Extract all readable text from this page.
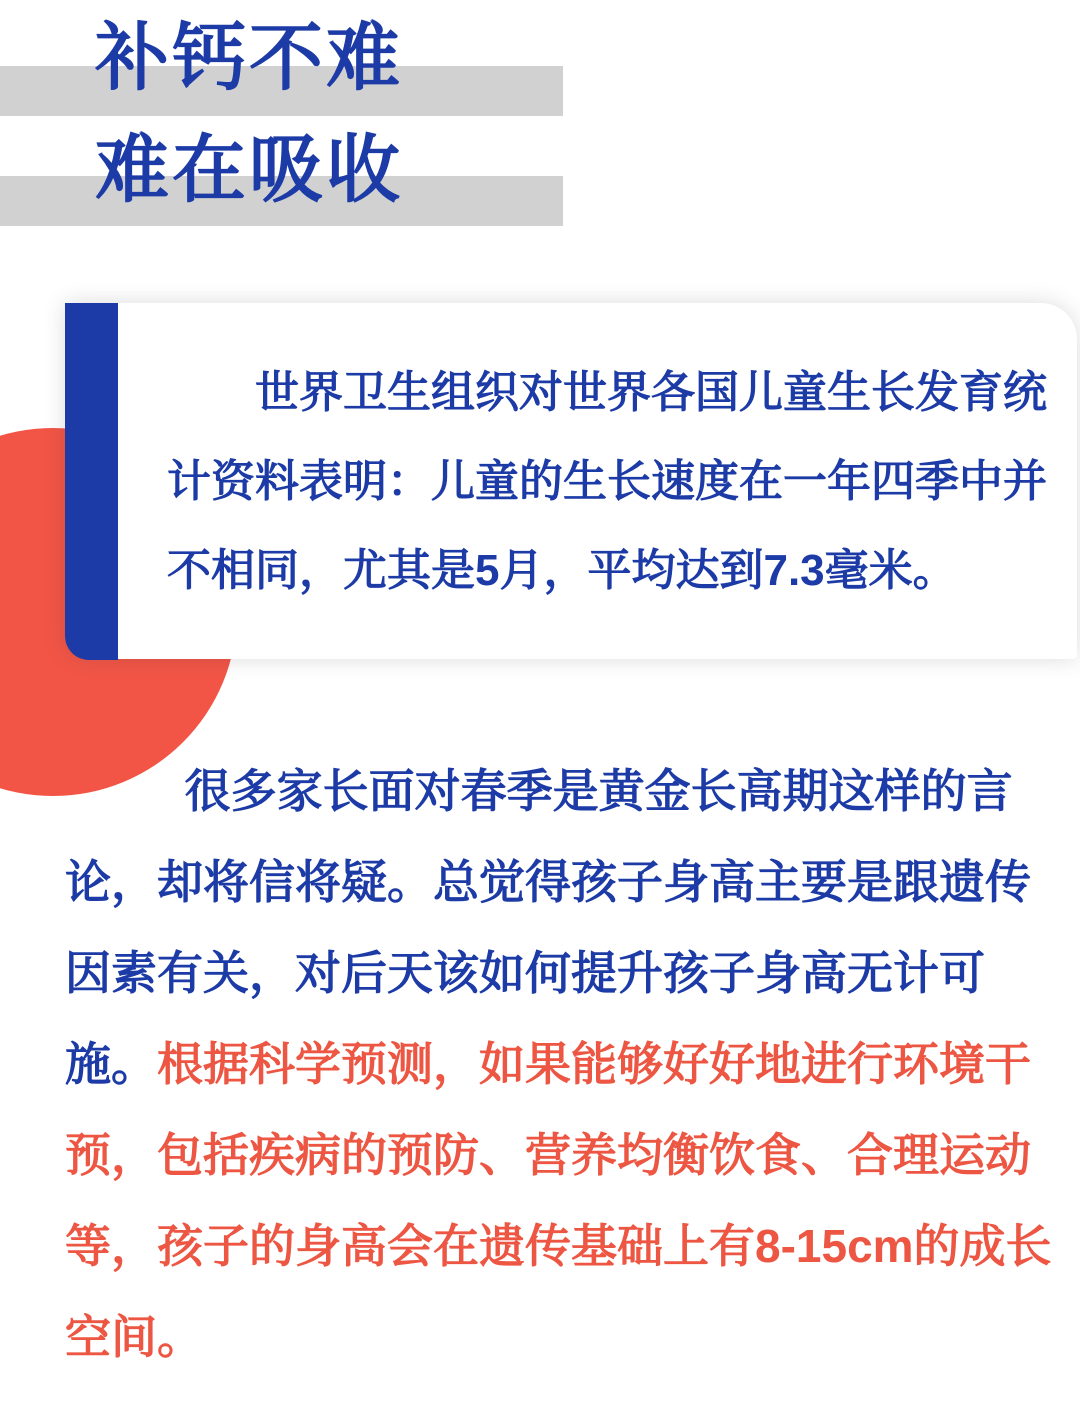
补钙不难
难在吸收
世界卫生组织对世界各国儿童生长发育统
计资料表明：儿童的生长速度在一年四季中并
不相同，尤其是5月，平均达到7.3毫米。
很多家长面对春季是黄金长高期这样的言
论，却将信将疑。总觉得孩子身高主要是跟遗传
因素有关，对后天该如何提升孩子身高无计可
施。根据科学预测，如果能够好好地进行环境干
预，包括疾病的预防、营养均衡饮食、合理运动
等，孩子的身高会在遗传基础上有8-15cm的成长
空间。
